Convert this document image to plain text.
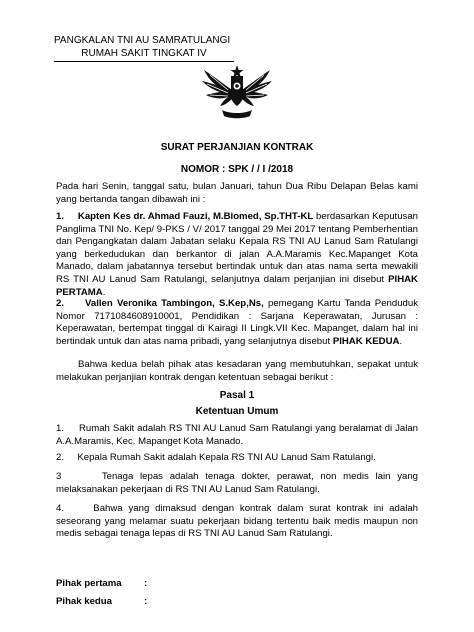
PANGKALAN TNI AU SAMRATULANGI
RUMAH SAKIT TINGKAT IV
SURAT PERJANJIAN KONTRAK
NOMOR : SPK / / I /2018
Pada hari Senin, tanggal satu, bulan Januari, tahun Dua Ribu Delapan Belas kami yang bertanda tangan dibawah ini :
1. Kapten Kes dr. Ahmad Fauzi, M.Biomed, Sp.THT-KL berdasarkan Keputusan Panglima TNI No. Kep/ 9-PKS / V/ 2017 tanggal 29 Mei 2017 tentang Pemberhentian dan Pengangkatan dalam Jabatan selaku Kepala RS TNI AU Lanud Sam Ratulangi yang berkedudukan dan berkantor di jalan A.A.Maramis Kec.Mapanget Kota Manado, dalam jabatannya tersebut bertindak untuk dan atas nama serta mewakili RS TNI AU Lanud Sam Ratulangi, selanjutnya dalam perjanjian ini disebut PIHAK PERTAMA.
2. Vallen Veronika Tambingon, S.Kep,Ns, pemegang Kartu Tanda Penduduk Nomor 7171084608910001, Pendidikan : Sarjana Keperawatan, Jurusan : Keperawatan, bertempat tinggal di Kairagi II Lingk.VII Kec. Mapanget, dalam hal ini bertindak untuk dan atas nama pribadi, yang selanjutnya disebut PIHAK KEDUA.
Bahwa kedua belah pihak atas kesadaran yang membutuhkan, sepakat untuk melakukan perjanjian kontrak dengan ketentuan sebagai berikut :
Pasal 1
Ketentuan Umum
1. Rumah Sakit adalah RS TNI AU Lanud Sam Ratulangi yang beralamat di Jalan A.A.Maramis, Kec. Mapanget Kota Manado.
2. Kepala Rumah Sakit adalah Kepala RS TNI AU Lanud Sam Ratulangi.
3	Tenaga lepas adalah tenaga dokter, perawat, non medis lain yang melaksanakan pekerjaan di RS TNI AU Lanud Sam Ratulangi.
4.	Bahwa yang dimaksud dengan kontrak dalam surat kontrak ini adalah seseorang yang melamar suatu pekerjaan bidang tertentu baik medis maupun non medis sebagai tenaga lepas di RS TNI AU Lanud Sam Ratulangi.
Pihak pertama :
Pihak kedua	:
